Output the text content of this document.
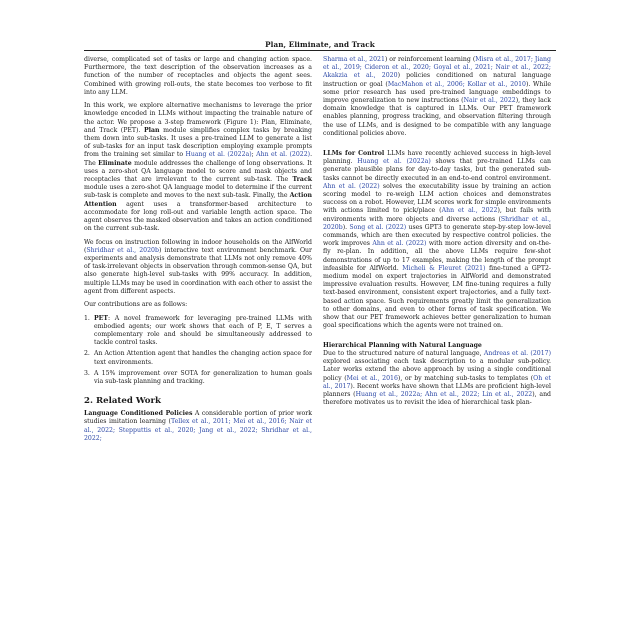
Plan, Eliminate, and Track

diverse, complicated set of tasks or large and changing action space. Furthermore, the text description of the observation increases as a function of the number of receptacles and objects the agent sees. Combined with growing roll-outs, the state becomes too verbose to fit into any LLM.

In this work, we explore alternative mechanisms to leverage the prior knowledge encoded in LLMs without impacting the trainable nature of the actor. We propose a 3-step framework (Figure 1): Plan, Eliminate, and Track (PET). Plan module simplifies complex tasks by breaking them down into sub-tasks. It uses a pre-trained LLM to generate a list of sub-tasks for an input task description employing example prompts from the training set similar to Huang et al. (2022a); Ahn et al. (2022). The Eliminate module addresses the challenge of long observations. It uses a zero-shot QA language model to score and mask objects and receptacles that are irrelevant to the current sub-task. The Track module uses a zero-shot QA language model to determine if the current sub-task is complete and moves to the next sub-task. Finally, the Action Attention agent uses a transformer-based architecture to accommodate for long roll-out and variable length action space. The agent observes the masked observation and takes an action conditioned on the current sub-task.

We focus on instruction following in indoor households on the AlfWorld (Shridhar et al., 2020b) interactive text environment benchmark. Our experiments and analysis demonstrate that LLMs not only remove 40% of task-irrelevant objects in observation through common-sense QA, but also generate high-level sub-tasks with 99% accuracy. In addition, multiple LLMs may be used in coordination with each other to assist the agent from different aspects.

Our contributions are as follows:

1. PET: A novel framework for leveraging pre-trained LLMs with embodied agents; our work shows that each of P, E, T serves a complementary role and should be simultaneously addressed to tackle control tasks.
2. An Action Attention agent that handles the changing action space for text environments.
3. A 15% improvement over SOTA for generalization to human goals via sub-task planning and tracking.
2. Related Work

Language Conditioned Policies A considerable portion of prior work studies imitation learning (Tellex et al., 2011; Mei et al., 2016; Nair et al., 2022; Stepputtis et al., 2020; Jang et al., 2022; Shridhar et al., 2022;

Sharma et al., 2021) or reinforcement learning (Misra et al., 2017; Jiang et al., 2019; Cideron et al., 2020; Goyal et al., 2021; Nair et al., 2022; Akakzia et al., 2020) policies conditioned on natural language instruction or goal (MacMahon et al., 2006; Kollar et al., 2010). While some prior research has used pre-trained language embeddings to improve generalization to new instructions (Nair et al., 2022), they lack domain knowledge that is captured in LLMs. Our PET framework enables planning, progress tracking, and observation filtering through the use of LLMs, and is designed to be compatible with any language conditional policies above.

LLMs for Control LLMs have recently achieved success in high-level planning. Huang et al. (2022a) shows that pre-trained LLMs can generate plausible plans for day-to-day tasks, but the generated sub-tasks cannot be directly executed in an end-to-end control environment. Ahn et al. (2022) solves the executability issue by training an action scoring model to re-weigh LLM action choices and demonstrates success on a robot. However, LLM scores work for simple environments with actions limited to pick/place (Ahn et al., 2022), but fails with environments with more objects and diverse actions (Shridhar et al., 2020b). Song et al. (2022) uses GPT3 to generate step-by-step low-level commands, which are then executed by respective control policies. the work improves Ahn et al. (2022) with more action diversity and on-the-fly re-plan. In addition, all the above LLMs require few-shot demonstrations of up to 17 examples, making the length of the prompt infeasible for AlfWorld. Micheli & Fleuret (2021) fine-tuned a GPT2-medium model on expert trajectories in AlfWorld and demonstrated impressive evaluation results. However, LM fine-tuning requires a fully text-based environment, consistent expert trajectories, and a fully text-based action space. Such requirements greatly limit the generalization to other domains, and even to other forms of task specification. We show that our PET framework achieves better generalization to human goal specifications which the agents were not trained on.

Hierarchical Planning with Natural Language
Due to the structured nature of natural language, Andreas et al. (2017) explored associating each task description to a modular sub-policy. Later works extend the above approach by using a single conditional policy (Mei et al., 2016), or by matching sub-tasks to templates (Oh et al., 2017). Recent works have shown that LLMs are proficient high-level planners (Huang et al., 2022a; Ahn et al., 2022; Lin et al., 2022), and therefore motivates us to revisit the idea of hierarchical task plan-
